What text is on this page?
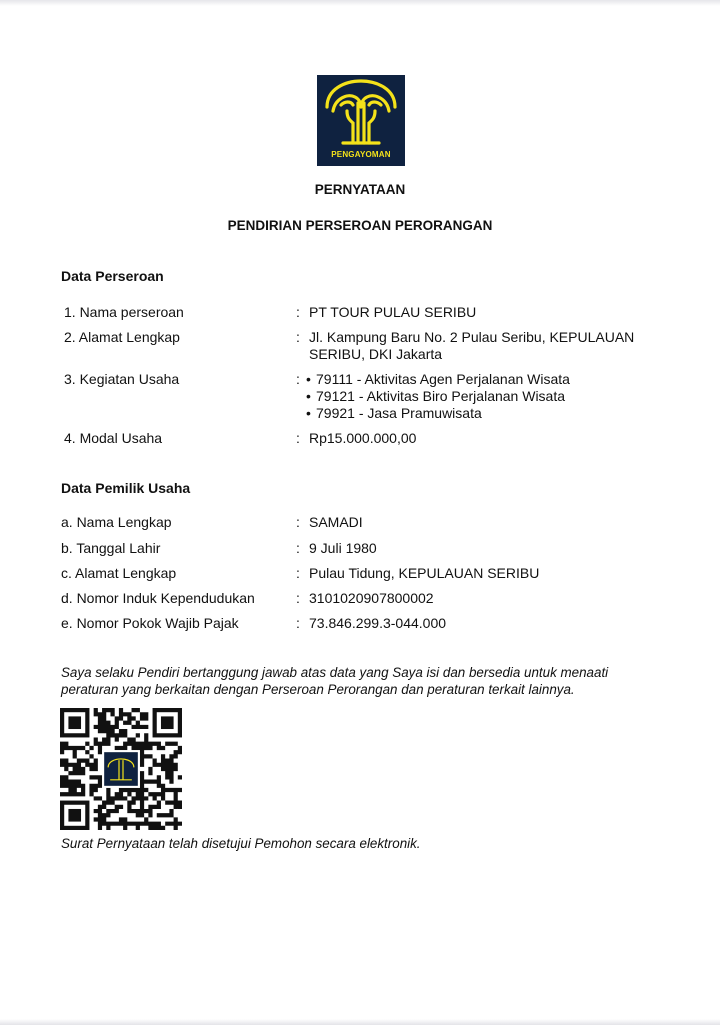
PENGAYOMAN
PERNYATAAN
PENDIRIAN PERSEROAN PERORANGAN
Data Perseroan
1. Nama perseroan	: PT TOUR PULAU SERIBU
2. Alamat Lengkap	: Jl. Kampung Baru No. 2 Pulau Seribu, KEPULAUAN SERIBU, DKI Jakarta
3. Kegiatan Usaha	: • 79111 - Aktivitas Agen Perjalanan Wisata
• 79121 - Aktivitas Biro Perjalanan Wisata
• 79921 - Jasa Pramuwisata
4. Modal Usaha	: Rp15.000.000,00
Data Pemilik Usaha
a. Nama Lengkap	: SAMADI
b. Tanggal Lahir	: 9 Juli 1980
c. Alamat Lengkap	: Pulau Tidung, KEPULAUAN SERIBU
d. Nomor Induk Kependudukan	: 3101020907800002
e. Nomor Pokok Wajib Pajak	: 73.846.299.3-044.000
Saya selaku Pendiri bertanggung jawab atas data yang Saya isi dan bersedia untuk menaati peraturan yang berkaitan dengan Perseroan Perorangan dan peraturan terkait lainnya.
Surat Pernyataan telah disetujui Pemohon secara elektronik.
